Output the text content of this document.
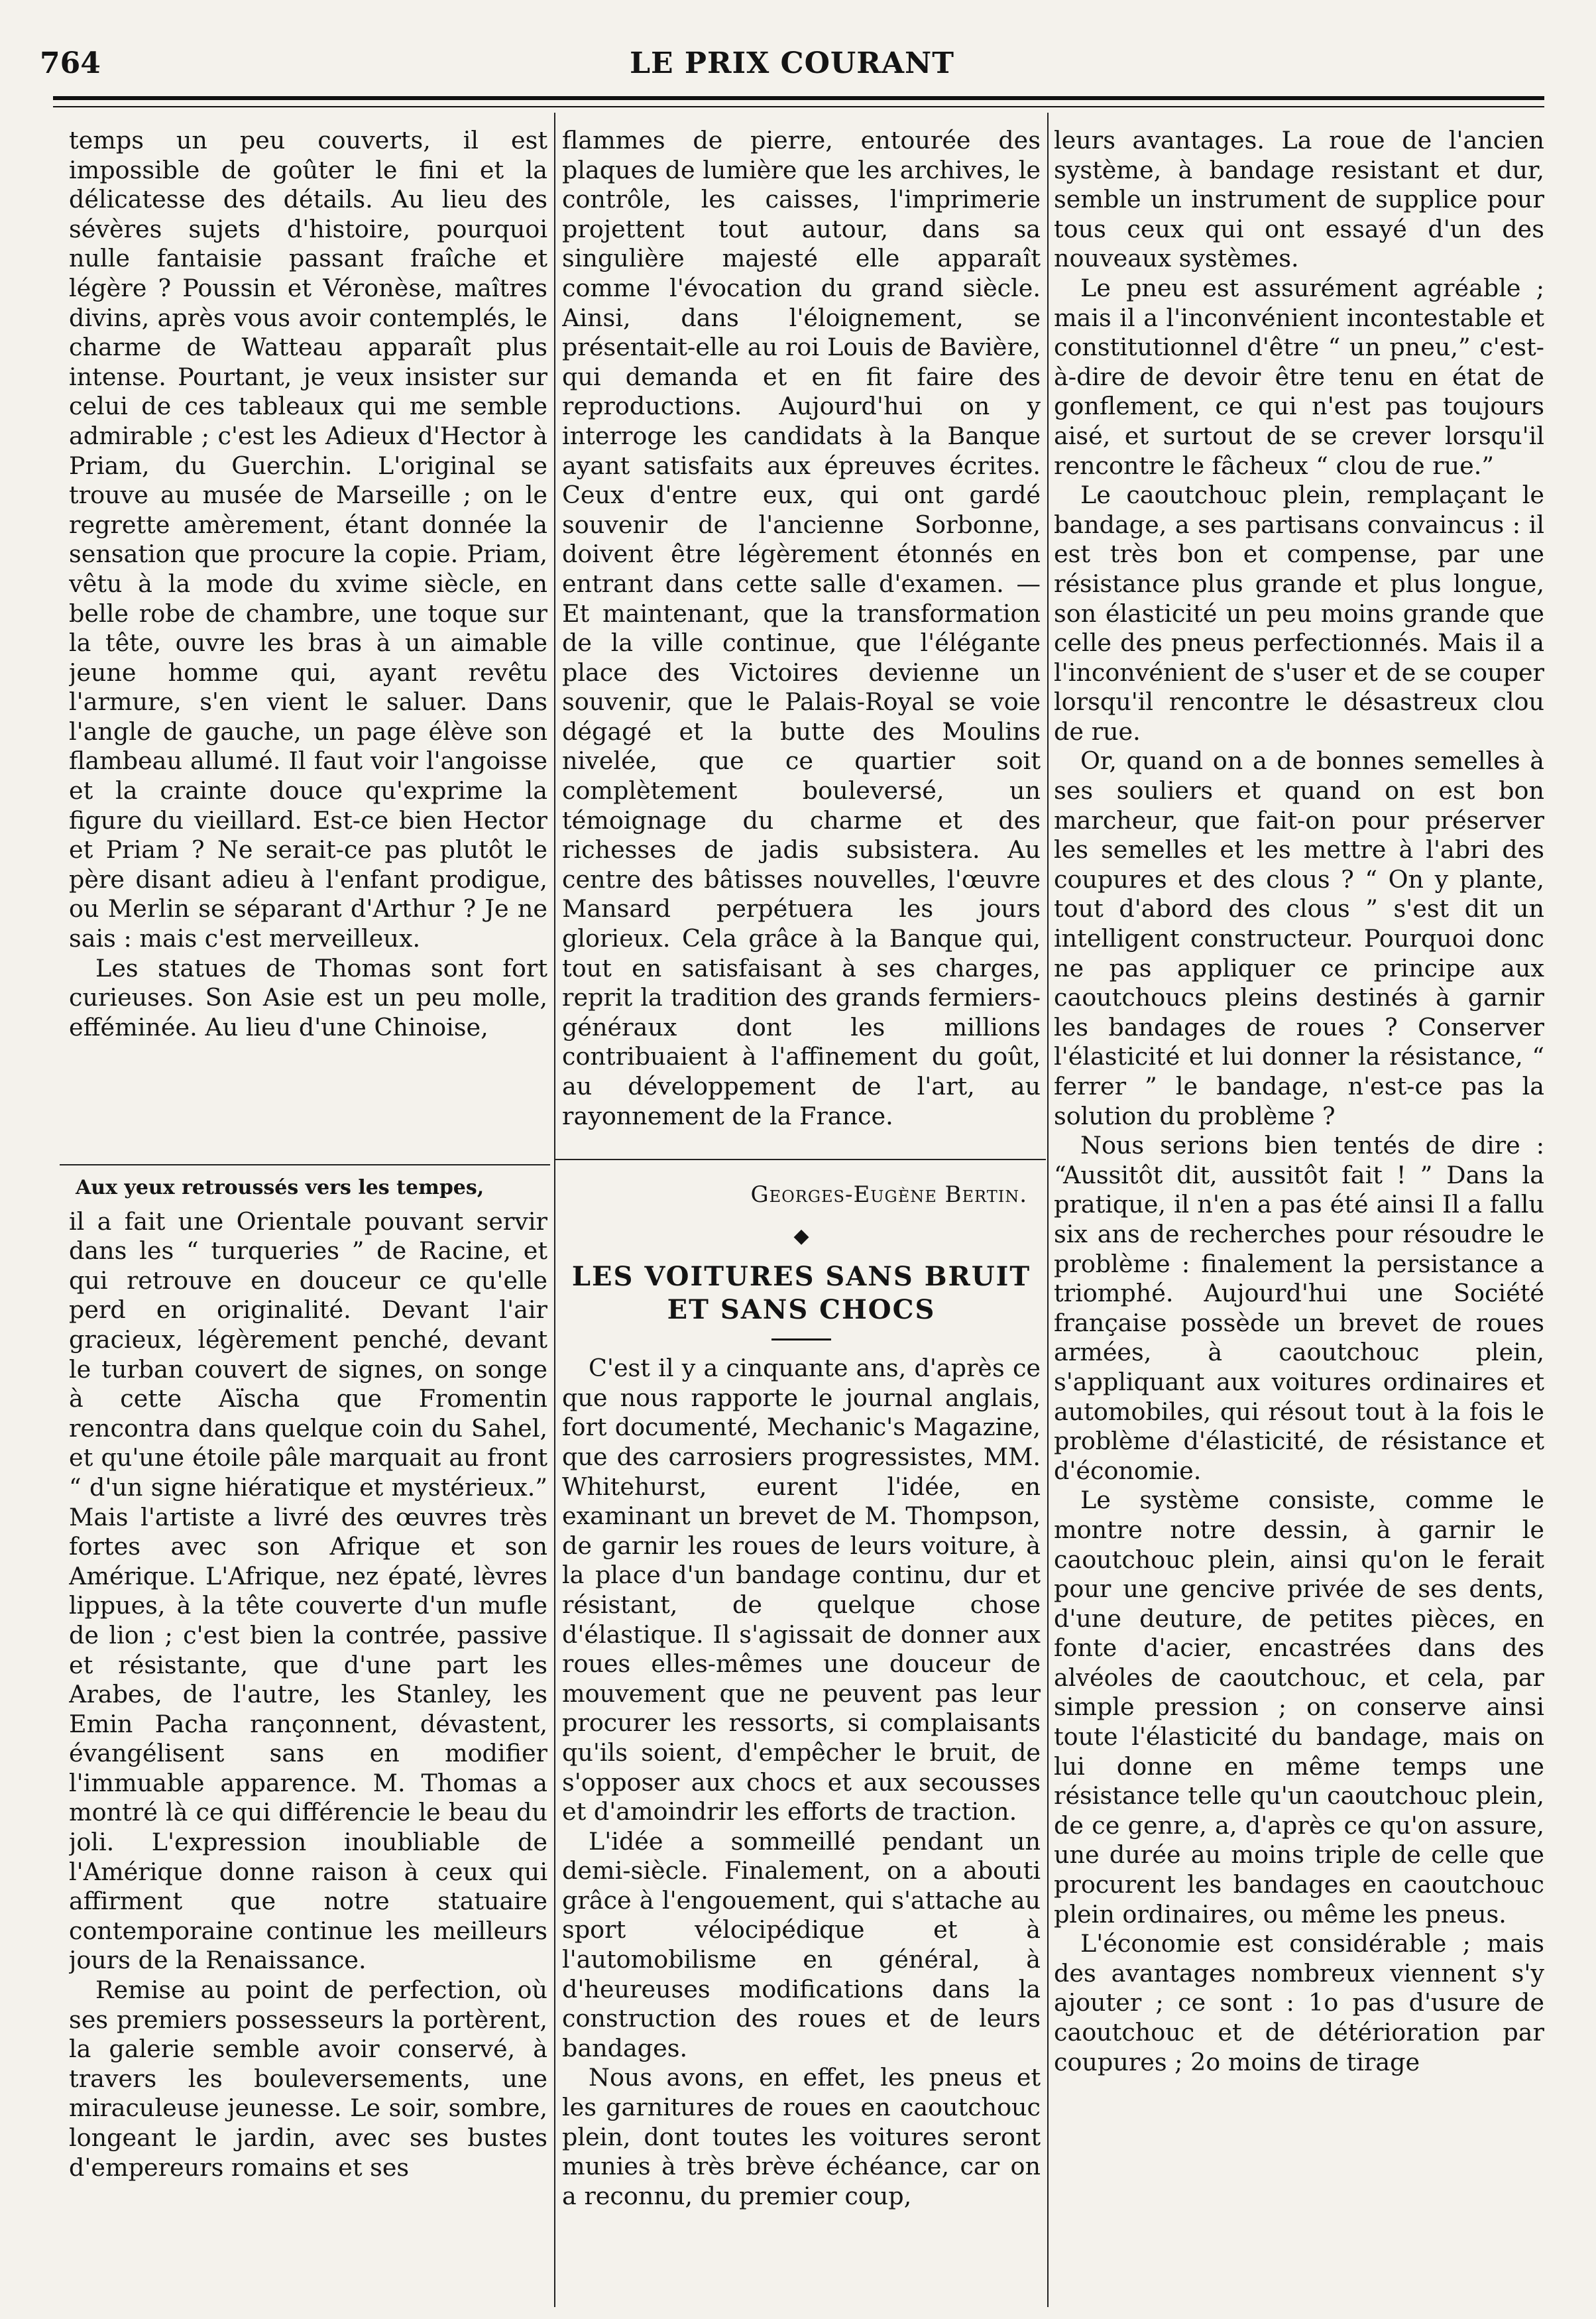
764	LE PRIX COURANT

temps un peu couverts, il est impossible de goûter le fini et la délicatesse des détails. Au lieu des sévères sujets d'histoire, pourquoi nulle fantaisie passant fraîche et légère ? Poussin et Véronèse, maîtres divins, après vous avoir contemplés, le charme de Watteau apparaît plus intense. Pourtant, je veux insister sur celui de ces tableaux qui me semble admirable ; c'est les Adieux d'Hector à Priam, du Guerchin. L'original se trouve au musée de Marseille ; on le regrette amèrement, étant donnée la sensation que procure la copie. Priam, vêtu à la mode du xvime siècle, en belle robe de chambre, une toque sur la tête, ouvre les bras à un aimable jeune homme qui, ayant revêtu l'armure, s'en vient le saluer. Dans l'angle de gauche, un page élève son flambeau allumé. Il faut voir l'angoisse et la crainte douce qu'exprime la figure du vieillard. Est-ce bien Hector et Priam ? Ne serait-ce pas plutôt le père disant adieu à l'enfant prodigue, ou Merlin se séparant d'Arthur ? Je ne sais : mais c'est merveilleux.

Les statues de Thomas sont fort curieuses. Son Asie est un peu molle, efféminée. Au lieu d'une Chinoise,

Aux yeux retroussés vers les tempes,

il a fait une Orientale pouvant servir dans les “ turqueries ” de Racine, et qui retrouve en douceur ce qu'elle perd en originalité. Devant l'air gracieux, légèrement penché, devant le turban couvert de signes, on songe à cette Aïscha que Fromentin rencontra dans quelque coin du Sahel, et qu'une étoile pâle marquait au front “ d'un signe hiératique et mystérieux.” Mais l'artiste a livré des œuvres très fortes avec son Afrique et son Amérique. L'Afrique, nez épaté, lèvres lippues, à la tête couverte d'un mufle de lion ; c'est bien la contrée, passive et résistante, que d'une part les Arabes, de l'autre, les Stanley, les Emin Pacha rançonnent, dévastent, évangélisent sans en modifier l'immuable apparence. M. Thomas a montré là ce qui différencie le beau du joli. L'expression inoubliable de l'Amérique donne raison à ceux qui affirment que notre statuaire contemporaine continue les meilleurs jours de la Renaissance.

Remise au point de perfection, où ses premiers possesseurs la portèrent, la galerie semble avoir conservé, à travers les bouleversements, une miraculeuse jeunesse. Le soir, sombre, longeant le jardin, avec ses bustes d'empereurs romains et ses

flammes de pierre, entourée des plaques de lumière que les archives, le contrôle, les caisses, l'imprimerie projettent tout autour, dans sa singulière majesté elle apparaît comme l'évocation du grand siècle. Ainsi, dans l'éloignement, se présentait-elle au roi Louis de Bavière, qui demanda et en fit faire des reproductions. Aujourd'hui on y interroge les candidats à la Banque ayant satisfaits aux épreuves écrites. Ceux d'entre eux, qui ont gardé souvenir de l'ancienne Sorbonne, doivent être légèrement étonnés en entrant dans cette salle d'examen. — Et maintenant, que la transformation de la ville continue, que l'élégante place des Victoires devienne un souvenir, que le Palais-Royal se voie dégagé et la butte des Moulins nivelée, que ce quartier soit complètement bouleversé, un témoignage du charme et des richesses de jadis subsistera. Au centre des bâtisses nouvelles, l'œuvre Mansard perpétuera les jours glorieux. Cela grâce à la Banque qui, tout en satisfaisant à ses charges, reprit la tradition des grands fermiers-généraux dont les millions contribuaient à l'affinement du goût, au développement de l'art, au rayonnement de la France.

Georges-Eugène Bertin.
◆
LES VOITURES SANS BRUIT ET SANS CHOCS

C'est il y a cinquante ans, d'après ce que nous rapporte le journal anglais, fort documenté, Mechanic's Magazine, que des carrosiers progressistes, MM. Whitehurst, eurent l'idée, en examinant un brevet de M. Thompson, de garnir les roues de leurs voiture, à la place d'un bandage continu, dur et résistant, de quelque chose d'élastique. Il s'agissait de donner aux roues elles-mêmes une douceur de mouvement que ne peuvent pas leur procurer les ressorts, si complaisants qu'ils soient, d'empêcher le bruit, de s'opposer aux chocs et aux secousses et d'amoindrir les efforts de traction.

L'idée a sommeillé pendant un demi-siècle. Finalement, on a abouti grâce à l'engouement, qui s'attache au sport vélocipédique et à l'automobilisme en général, à d'heureuses modifications dans la construction des roues et de leurs bandages.

Nous avons, en effet, les pneus et les garnitures de roues en caoutchouc plein, dont toutes les voitures seront munies à très brève échéance, car on a reconnu, du premier coup,

leurs avantages. La roue de l'ancien système, à bandage resistant et dur, semble un instrument de supplice pour tous ceux qui ont essayé d'un des nouveaux systèmes.

Le pneu est assurément agréable ; mais il a l'inconvénient incontestable et constitutionnel d'être “ un pneu,” c'est-à-dire de devoir être tenu en état de gonflement, ce qui n'est pas toujours aisé, et surtout de se crever lorsqu'il rencontre le fâcheux “ clou de rue.”

Le caoutchouc plein, remplaçant le bandage, a ses partisans convaincus : il est très bon et compense, par une résistance plus grande et plus longue, son élasticité un peu moins grande que celle des pneus perfectionnés. Mais il a l'inconvénient de s'user et de se couper lorsqu'il rencontre le désastreux clou de rue.

Or, quand on a de bonnes semelles à ses souliers et quand on est bon marcheur, que fait-on pour préserver les semelles et les mettre à l'abri des coupures et des clous ? “ On y plante, tout d'abord des clous ” s'est dit un intelligent constructeur. Pourquoi donc ne pas appliquer ce principe aux caoutchoucs pleins destinés à garnir les bandages de roues ? Conserver l'élasticité et lui donner la résistance, “ ferrer ” le bandage, n'est-ce pas la solution du problème ?

Nous serions bien tentés de dire : “Aussitôt dit, aussitôt fait ! ” Dans la pratique, il n'en a pas été ainsi Il a fallu six ans de recherches pour résoudre le problème : finalement la persistance a triomphé. Aujourd'hui une Société française possède un brevet de roues armées, à caoutchouc plein, s'appliquant aux voitures ordinaires et automobiles, qui résout tout à la fois le problème d'élasticité, de résistance et d'économie.

Le système consiste, comme le montre notre dessin, à garnir le caoutchouc plein, ainsi qu'on le ferait pour une gencive privée de ses dents, d'une deuture, de petites pièces, en fonte d'acier, encastrées dans des alvéoles de caoutchouc, et cela, par simple pression ; on conserve ainsi toute l'élasticité du bandage, mais on lui donne en même temps une résistance telle qu'un caoutchouc plein, de ce genre, a, d'après ce qu'on assure, une durée au moins triple de celle que procurent les bandages en caoutchouc plein ordinaires, ou même les pneus.

L'économie est considérable ; mais des avantages nombreux viennent s'y ajouter ; ce sont : 1o pas d'usure de caoutchouc et de détérioration par coupures ; 2o moins de tirage
